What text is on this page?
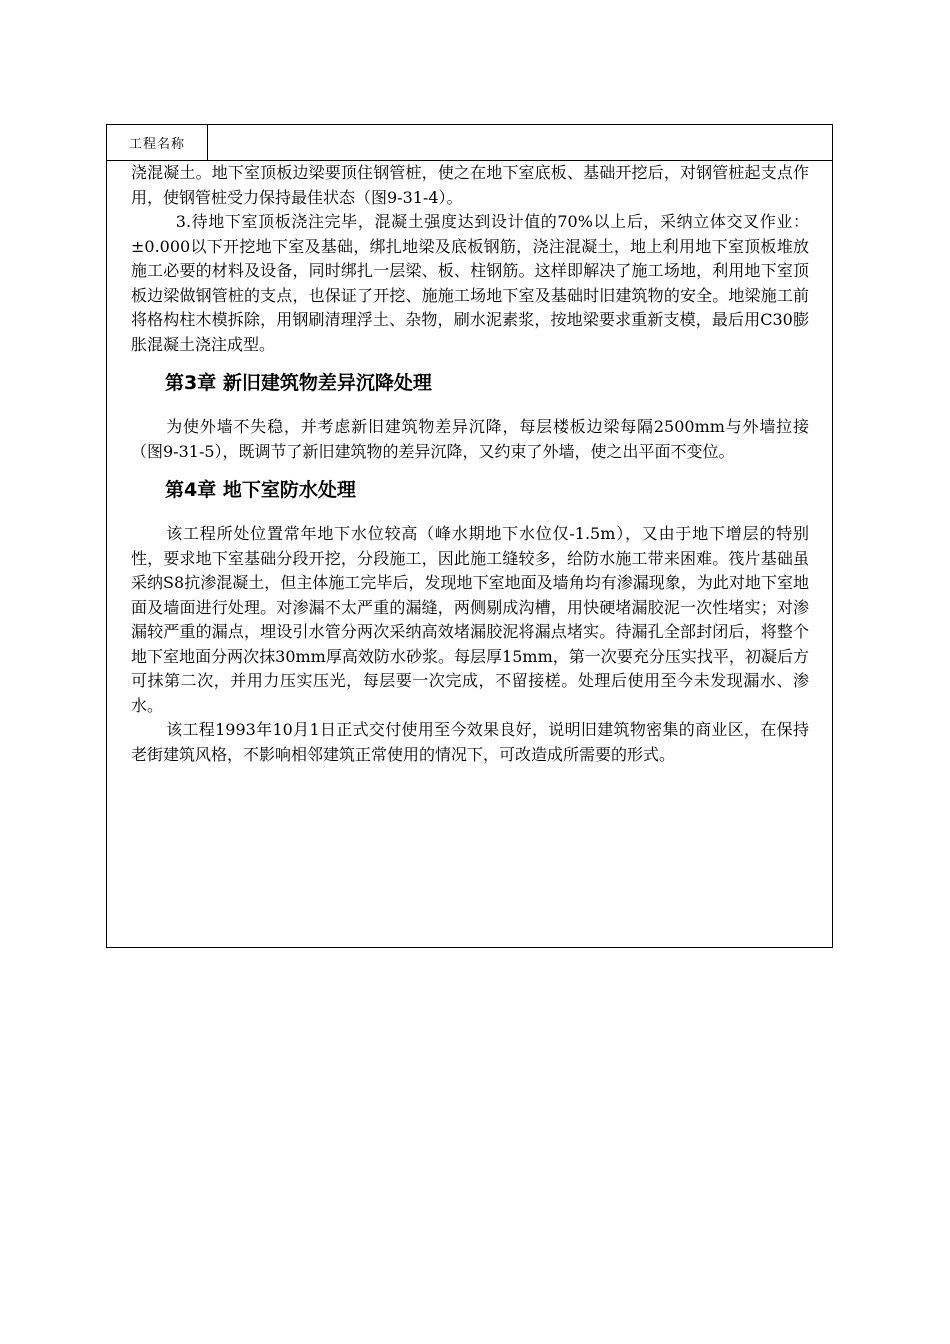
工程名称

浇混凝土。地下室顶板边梁要顶住钢管桩，使之在地下室底板、基础开挖后，对钢管桩起支点作用，使钢管桩受力保持最佳状态（图9-31-4）。

3.待地下室顶板浇注完毕，混凝土强度达到设计值的70%以上后，采纳立体交叉作业：±0.000以下开挖地下室及基础，绑扎地梁及底板钢筋，浇注混凝土，地上利用地下室顶板堆放施工必要的材料及设备，同时绑扎一层梁、板、柱钢筋。这样即解决了施工场地，利用地下室顶板边梁做钢管桩的支点，也保证了开挖、施施工场地下室及基础时旧建筑物的安全。地梁施工前将格构柱木模拆除，用钢刷清理浮土、杂物，刷水泥素浆，按地梁要求重新支模，最后用C30膨胀混凝土浇注成型。

第3章 新旧建筑物差异沉降处理

为使外墙不失稳，并考虑新旧建筑物差异沉降，每层楼板边梁每隔2500mm与外墙拉接（图9-31-5），既调节了新旧建筑物的差异沉降，又约束了外墙，使之出平面不变位。

第4章 地下室防水处理

该工程所处位置常年地下水位较高（峰水期地下水位仅-1.5m），又由于地下增层的特别性，要求地下室基础分段开挖，分段施工，因此施工缝较多，给防水施工带来困难。筏片基础虽采纳S8抗渗混凝土，但主体施工完毕后，发现地下室地面及墙角均有渗漏现象，为此对地下室地面及墙面进行处理。对渗漏不太严重的漏缝，两侧剔成沟槽，用快硬堵漏胶泥一次性堵实；对渗漏较严重的漏点，埋设引水管分两次采纳高效堵漏胶泥将漏点堵实。待漏孔全部封闭后，将整个地下室地面分两次抹30mm厚高效防水砂浆。每层厚15mm，第一次要充分压实找平，初凝后方可抹第二次，并用力压实压光，每层要一次完成，不留接槎。处理后使用至今未发现漏水、渗水。

该工程1993年10月1日正式交付使用至今效果良好，说明旧建筑物密集的商业区，在保持老街建筑风格，不影响相邻建筑正常使用的情况下，可改造成所需要的形式。
